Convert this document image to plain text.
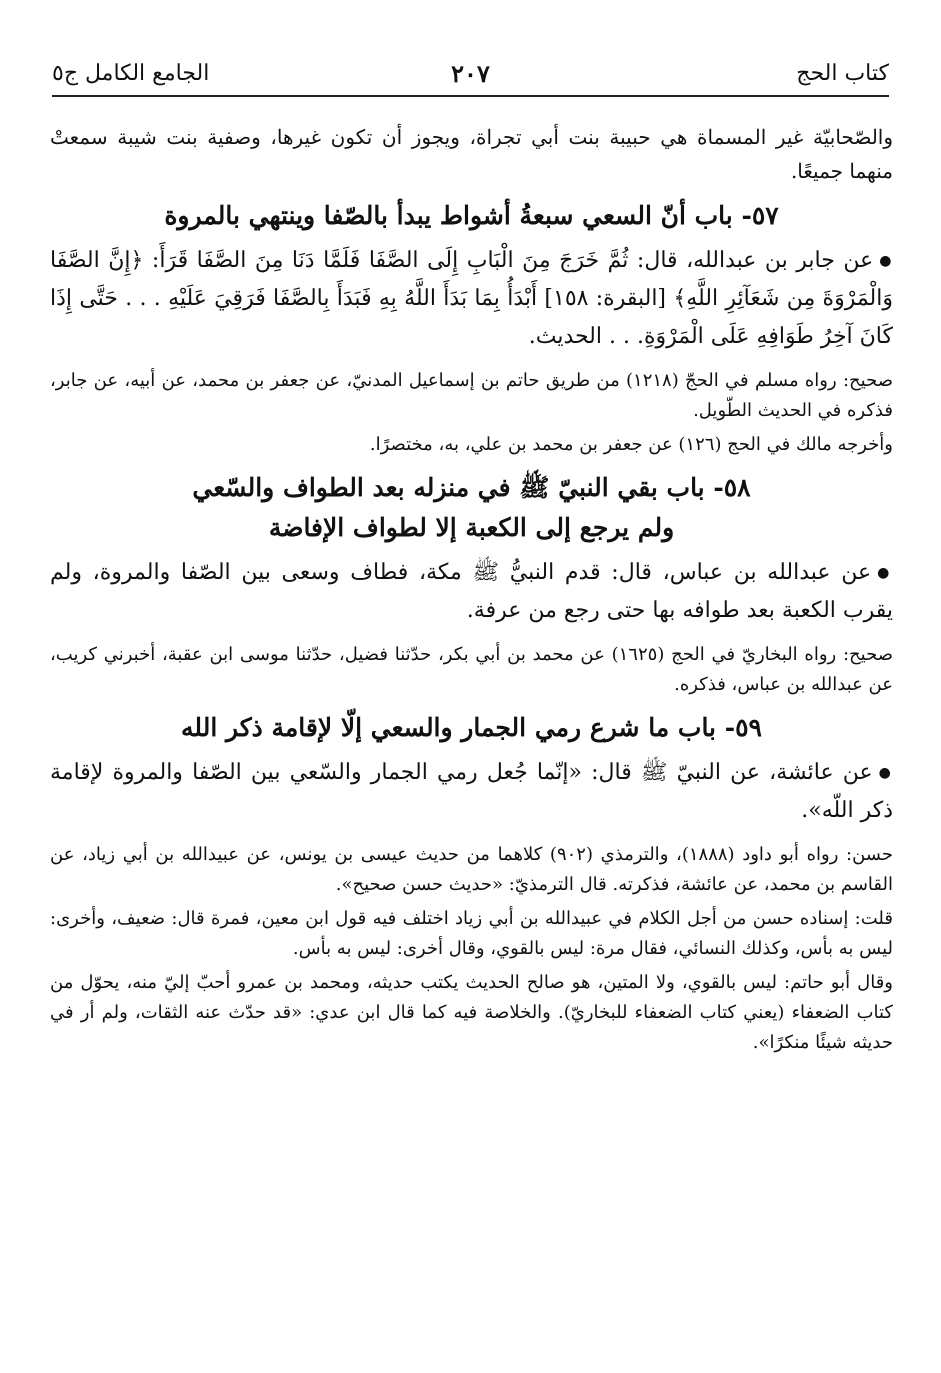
كتاب الحج
٢٠٧
الجامع الكامل ج٥

والصّحابيّة غير المسماة هي حبيبة بنت أبي تجراة، ويجوز أن تكون غيرها، وصفية بنت شيبة سمعتْ منهما جميعًا.

٥٧- باب أنّ السعي سبعةُ أشواط يبدأ بالصّفا وينتهي بالمروة

●عن جابر بن عبدالله، قال: ثُمَّ خَرَجَ مِنَ الْبَابِ إِلَى الصَّفَا فَلَمَّا دَنَا مِنَ الصَّفَا قَرَأَ: ﴿إِنَّ الصَّفَا وَالْمَرْوَةَ مِن شَعَآئِرِ اللَّهِ﴾ [البقرة: ١٥٨] أَبْدَأُ بِمَا بَدَأَ اللَّهُ بِهِ فَبَدَأَ بِالصَّفَا فَرَقِيَ عَلَيْهِ . . . حَتَّى إِذَا كَانَ آخِرُ طَوَافِهِ عَلَى الْمَرْوَةِ. . . الحديث.

صحيح: رواه مسلم في الحجّ (١٢١٨) من طريق حاتم بن إسماعيل المدنيّ، عن جعفر بن محمد، عن أبيه، عن جابر، فذكره في الحديث الطّويل.

وأخرجه مالك في الحج (١٢٦) عن جعفر بن محمد بن علي، به، مختصرًا.

٥٨- باب بقي النبيّ ﷺ في منزله بعد الطواف والسّعي
ولم يرجع إلى الكعبة إلا لطواف الإفاضة

●عن عبدالله بن عباس، قال: قدم النبيُّ ﷺ مكة، فطاف وسعى بين الصّفا والمروة، ولم يقرب الكعبة بعد طوافه بها حتى رجع من عرفة.

صحيح: رواه البخاريّ في الحج (١٦٢٥) عن محمد بن أبي بكر، حدّثنا فضيل، حدّثنا موسى ابن عقبة، أخبرني كريب، عن عبدالله بن عباس، فذكره.

٥٩- باب ما شرع رمي الجمار والسعي إلّا لإقامة ذكر الله

●عن عائشة، عن النبيّ ﷺ قال: «إنّما جُعل رمي الجمار والسّعي بين الصّفا والمروة لإقامة ذكر اللّه».

حسن: رواه أبو داود (١٨٨٨)، والترمذي (٩٠٢) كلاهما من حديث عيسى بن يونس، عن عبيدالله بن أبي زياد، عن القاسم بن محمد، عن عائشة، فذكرته. قال الترمذيّ: «حديث حسن صحيح».

قلت: إسناده حسن من أجل الكلام في عبيدالله بن أبي زياد اختلف فيه قول ابن معين، فمرة قال: ضعيف، وأخرى: ليس به بأس، وكذلك النسائي، فقال مرة: ليس بالقوي، وقال أخرى: ليس به بأس.

وقال أبو حاتم: ليس بالقوي، ولا المتين، هو صالح الحديث يكتب حديثه، ومحمد بن عمرو أحبّ إليّ منه، يحوّل من كتاب الضعفاء (يعني كتاب الضعفاء للبخاريّ). والخلاصة فيه كما قال ابن عدي: «قد حدّث عنه الثقات، ولم أر في حديثه شيئًا منكرًا».
